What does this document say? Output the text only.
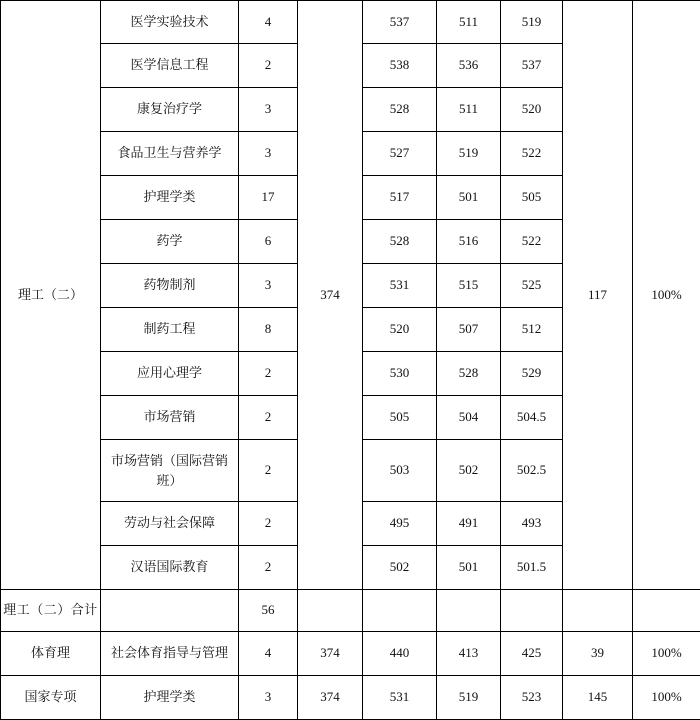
理工（二）	医学实验技术	4	374	537	511	519	117	100%
	医学信息工程	2		538	536	537		
	康复治疗学	3		528	511	520		
	食品卫生与营养学	3		527	519	522		
	护理学类	17		517	501	505		
	药学	6		528	516	522		
	药物制剂	3		531	515	525		
	制药工程	8		520	507	512		
	应用心理学	2		530	528	529		
	市场营销	2		505	504	504.5		
	市场营销（国际营销班）	2		503	502	502.5		
	劳动与社会保障	2		495	491	493		
	汉语国际教育	2		502	501	501.5		
理工（二）合计		56						
体育理	社会体育指导与管理	4	374	440	413	425	39	100%
国家专项	护理学类	3	374	531	519	523	145	100%
